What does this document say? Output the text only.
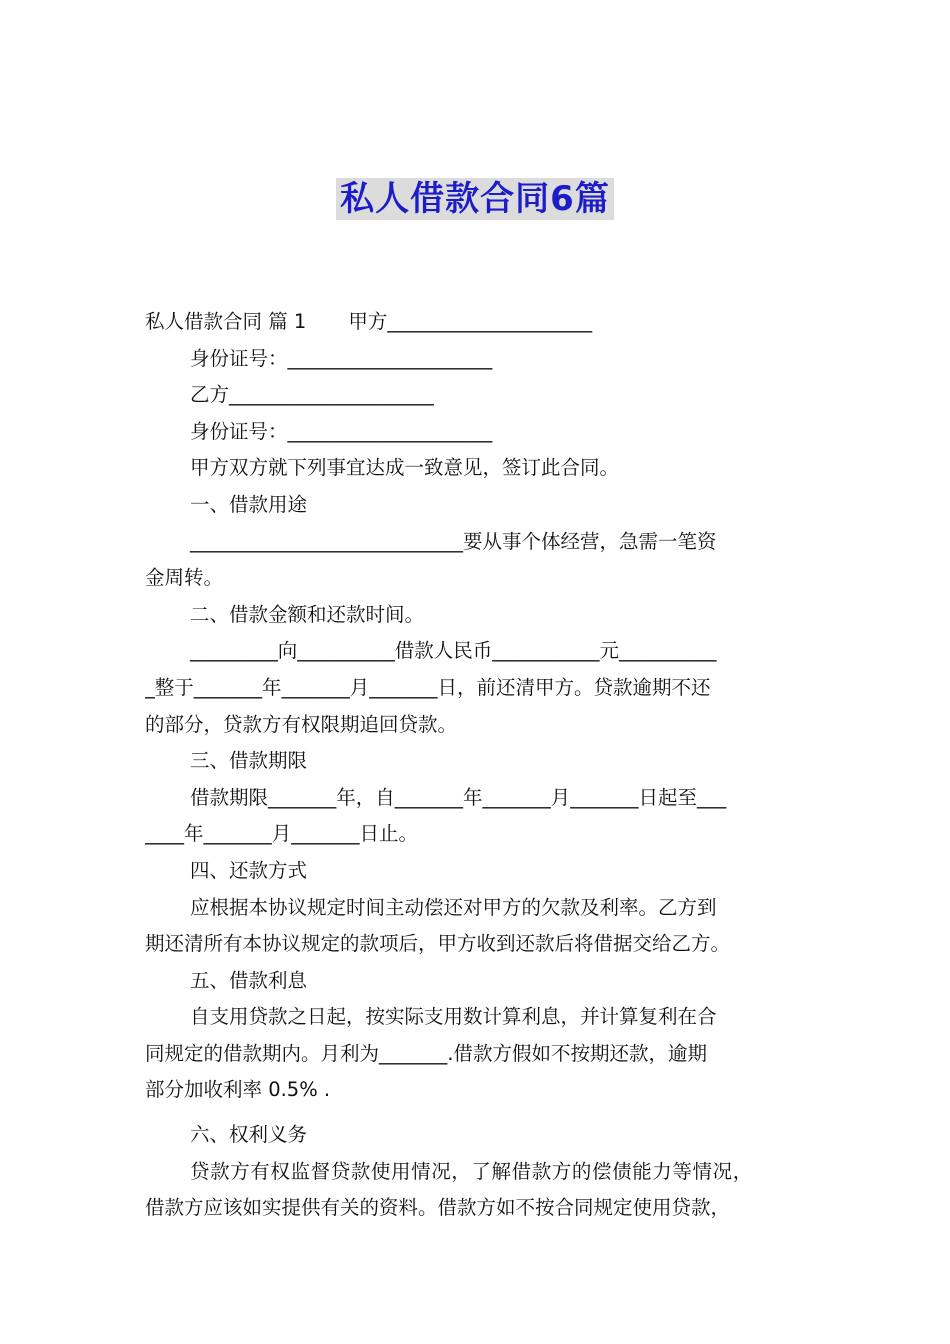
私人借款合同6篇
私人借款合同 篇 1 甲方_____________________
身份证号：_____________________
乙方_____________________
身份证号：_____________________
甲方双方就下列事宜达成一致意见，签订此合同。
一、借款用途
____________________________要从事个体经营，急需一笔资
金周转。
二、借款金额和还款时间。
_________向__________借款人民币___________元__________
_整于_______年_______月_______日，前还清甲方。贷款逾期不还
的部分，贷款方有权限期追回贷款。
三、借款期限
借款期限_______年，自_______年_______月_______日起至___
____年_______月_______日止。
四、还款方式
应根据本协议规定时间主动偿还对甲方的欠款及利率。乙方到
期还清所有本协议规定的款项后，甲方收到还款后将借据交给乙方。
五、借款利息
自支用贷款之日起，按实际支用数计算利息，并计算复利在合
同规定的借款期内。月利为_______.借款方假如不按期还款，逾期
部分加收利率 0.5% .
六、权利义务
贷款方有权监督贷款使用情况，了解借款方的偿债能力等情况，
借款方应该如实提供有关的资料。借款方如不按合同规定使用贷款，
